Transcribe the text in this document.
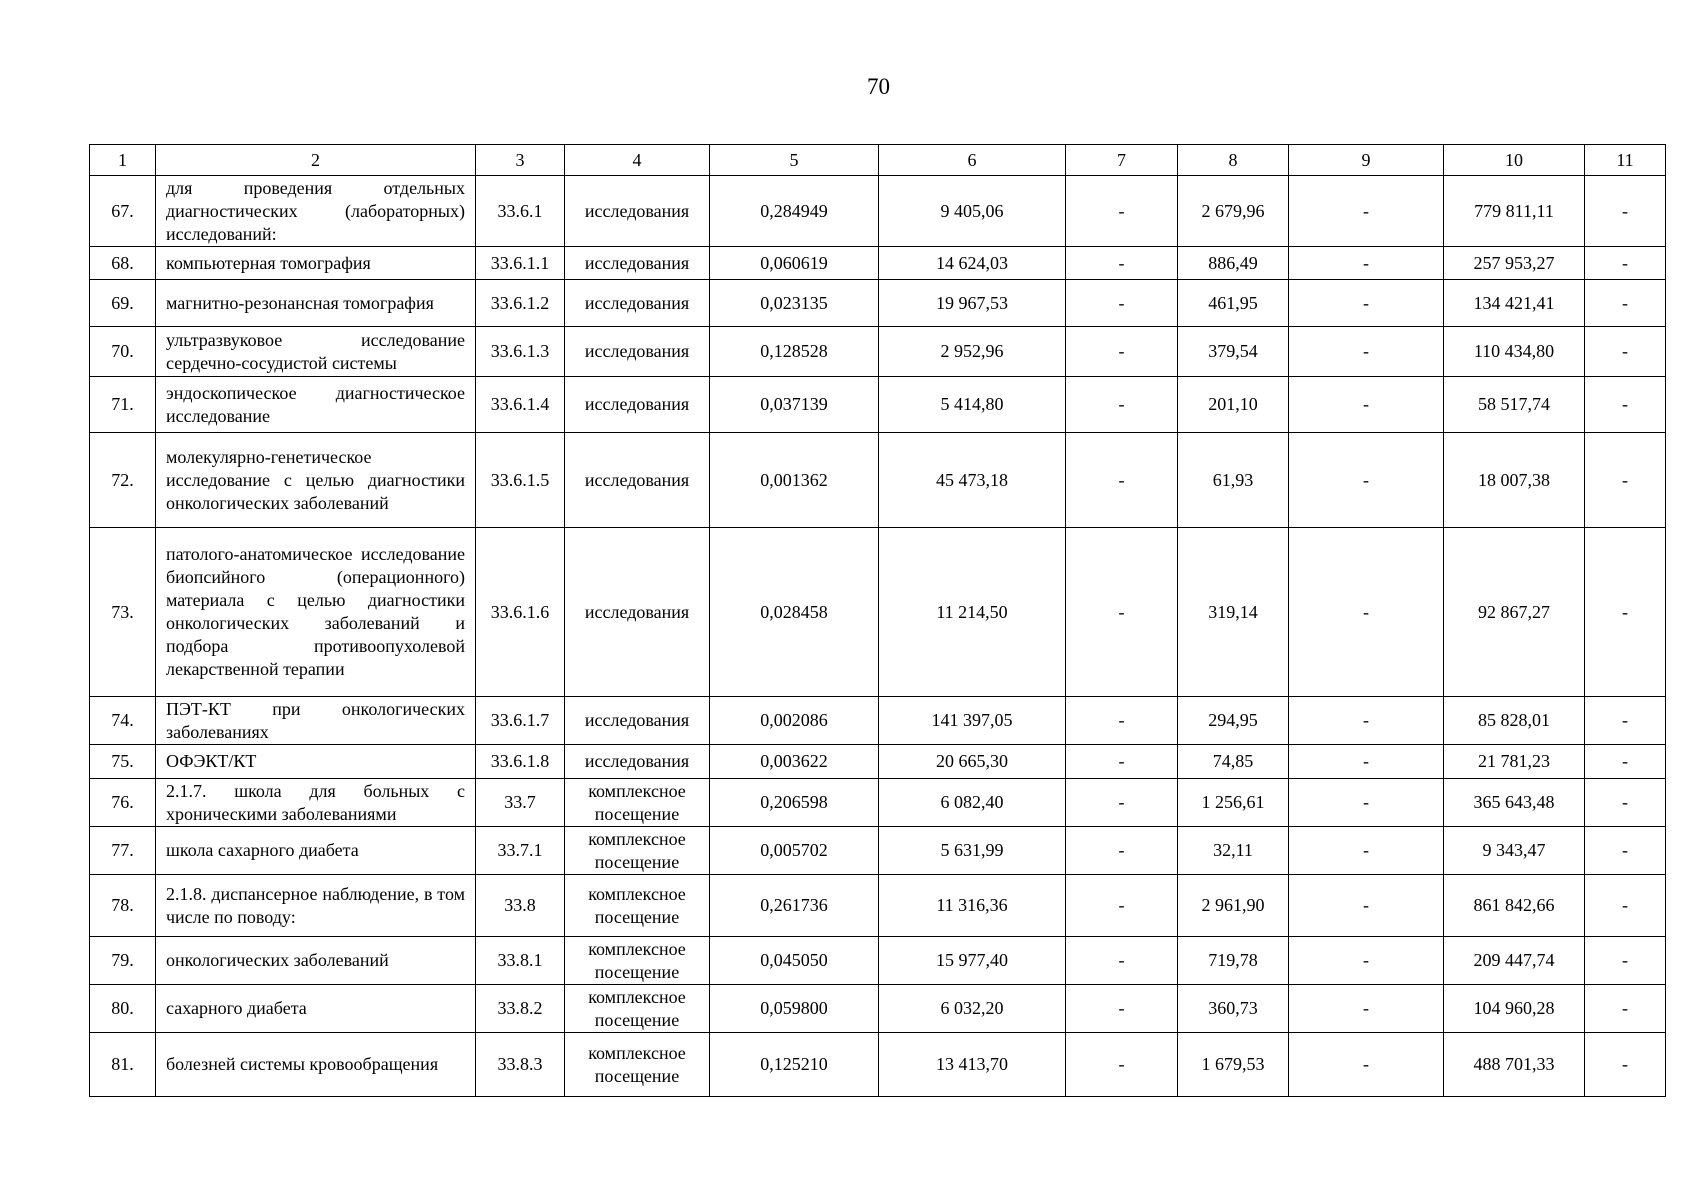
70
1	2	3	4	5	6	7	8	9	10	11
67.	для проведения отдельных диагностических (лабораторных) исследований:	33.6.1	исследования	0,284949	9 405,06	-	2 679,96	-	779 811,11	-
68.	компьютерная томография	33.6.1.1	исследования	0,060619	14 624,03	-	886,49	-	257 953,27	-
69.	магнитно-резонансная томография	33.6.1.2	исследования	0,023135	19 967,53	-	461,95	-	134 421,41	-
70.	ультразвуковое исследование сердечно-сосудистой системы	33.6.1.3	исследования	0,128528	2 952,96	-	379,54	-	110 434,80	-
71.	эндоскопическое диагностическое исследование	33.6.1.4	исследования	0,037139	5 414,80	-	201,10	-	58 517,74	-
72.	молекулярно-генетическое исследование с целью диагностики онкологических заболеваний	33.6.1.5	исследования	0,001362	45 473,18	-	61,93	-	18 007,38	-
73.	патолого-анатомическое исследование биопсийного (операционного) материала с целью диагностики онкологических заболеваний и подбора противоопухолевой лекарственной терапии	33.6.1.6	исследования	0,028458	11 214,50	-	319,14	-	92 867,27	-
74.	ПЭТ-КТ при онкологических заболеваниях	33.6.1.7	исследования	0,002086	141 397,05	-	294,95	-	85 828,01	-
75.	ОФЭКТ/КТ	33.6.1.8	исследования	0,003622	20 665,30	-	74,85	-	21 781,23	-
76.	2.1.7. школа для больных с хроническими заболеваниями	33.7	комплексное посещение	0,206598	6 082,40	-	1 256,61	-	365 643,48	-
77.	школа сахарного диабета	33.7.1	комплексное посещение	0,005702	5 631,99	-	32,11	-	9 343,47	-
78.	2.1.8. диспансерное наблюдение, в том числе по поводу:	33.8	комплексное посещение	0,261736	11 316,36	-	2 961,90	-	861 842,66	-
79.	онкологических заболеваний	33.8.1	комплексное посещение	0,045050	15 977,40	-	719,78	-	209 447,74	-
80.	сахарного диабета	33.8.2	комплексное посещение	0,059800	6 032,20	-	360,73	-	104 960,28	-
81.	болезней системы кровообращения	33.8.3	комплексное посещение	0,125210	13 413,70	-	1 679,53	-	488 701,33	-
